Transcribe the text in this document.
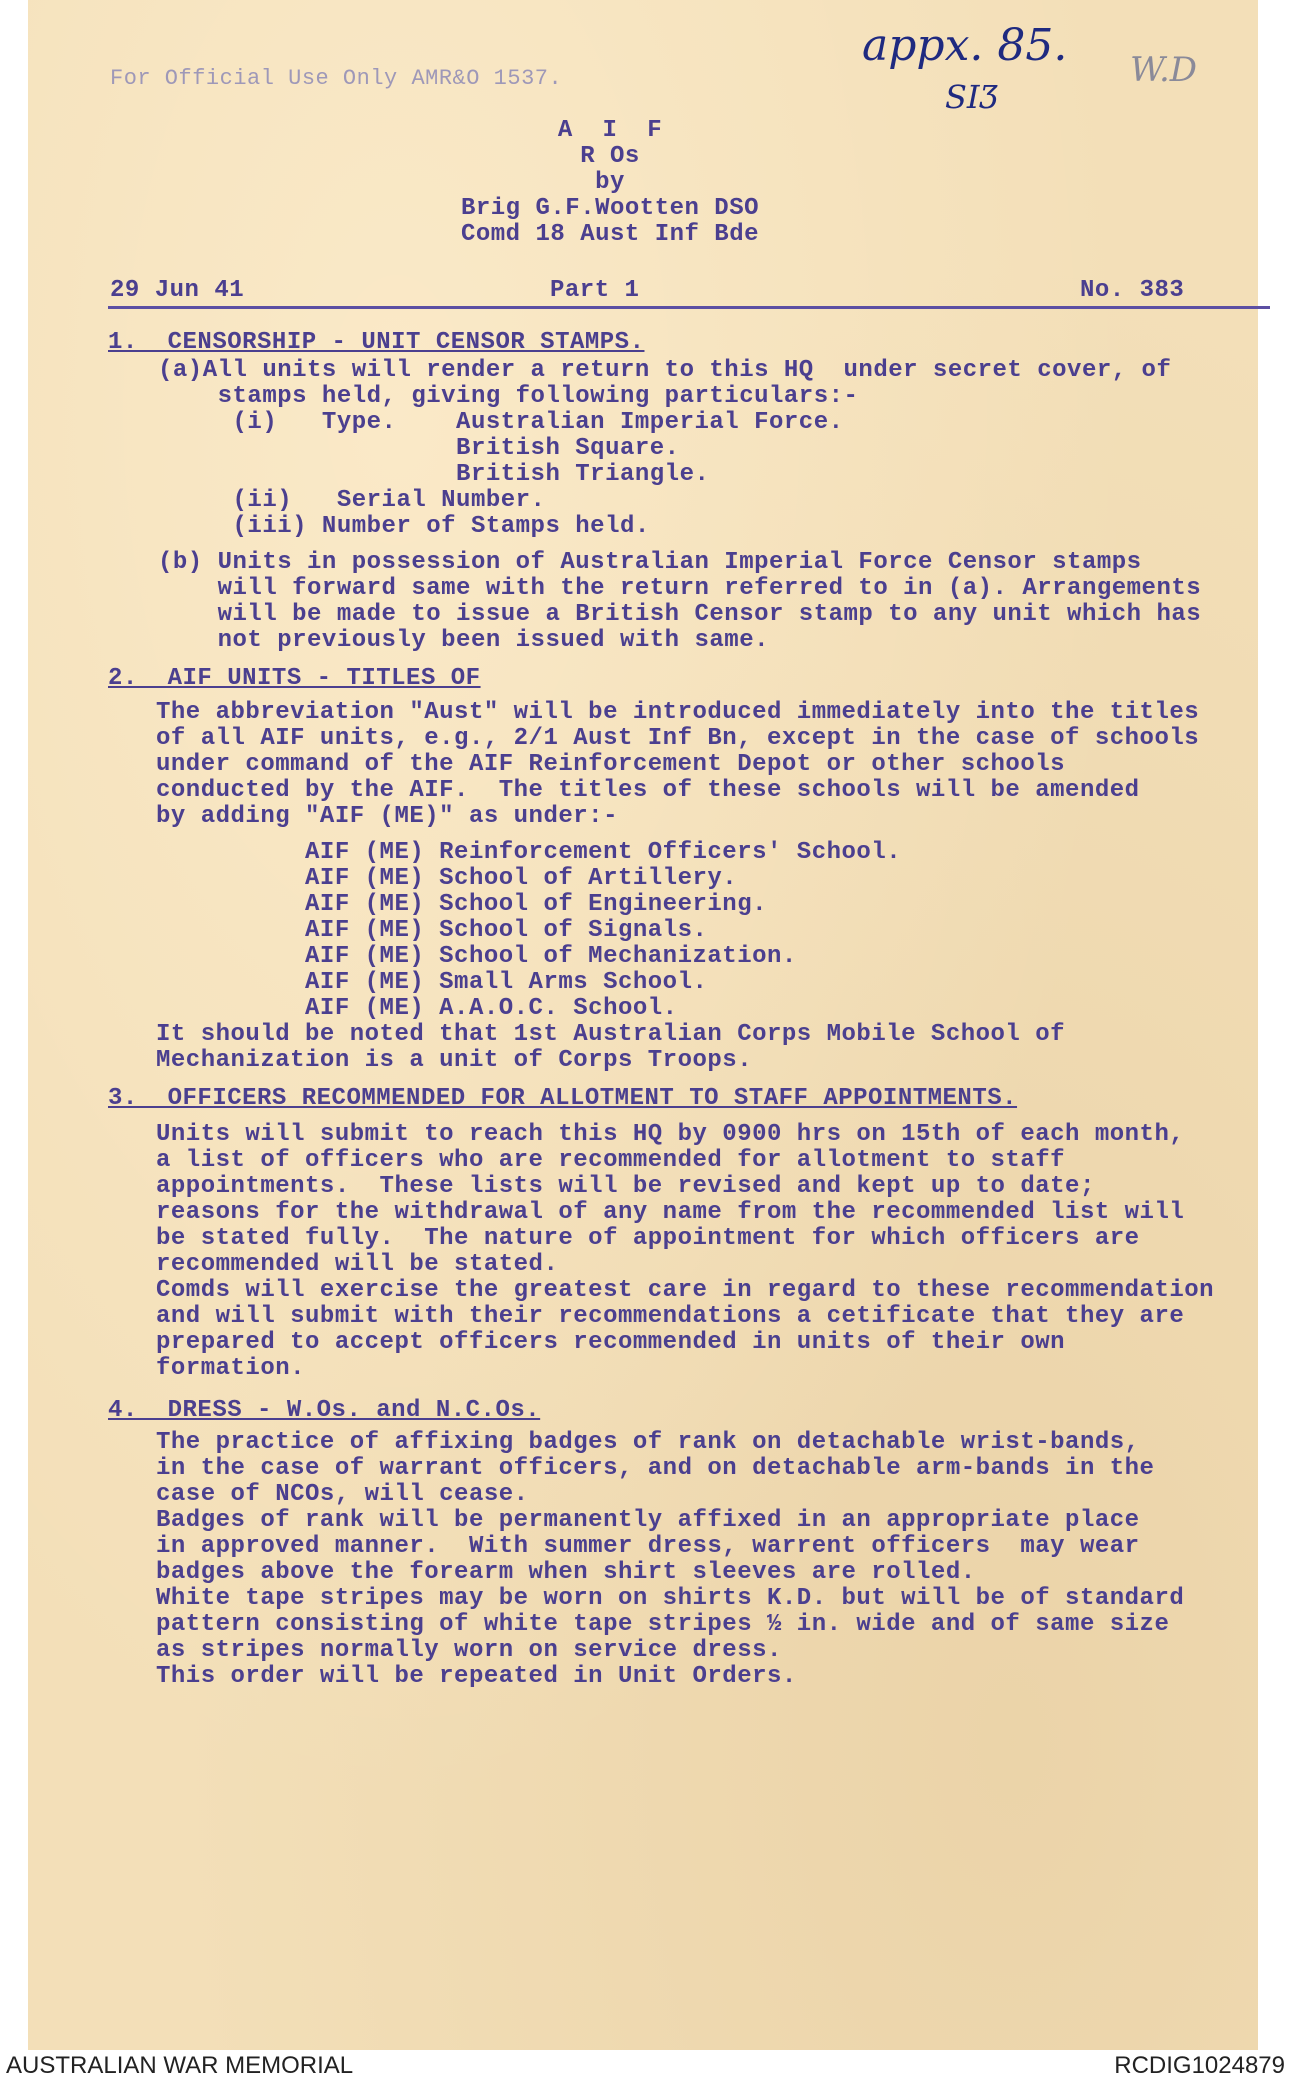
For Official Use Only AMR&O 1537.
appx. 85.
ЅӀӠ
W.D
A  I  F
R Os
by
Brig G.F.Wootten DSO
Comd 18 Aust Inf Bde
29 Jun 41	Part 1	No. 383
1.  CENSORSHIP - UNIT CENSOR STAMPS.
(a)All units will render a return to this HQ  under secret cover, of
stamps held, giving following particulars:-
(i)   Type.    Australian Imperial Force.
British Square.
British Triangle.
(ii)   Serial Number.
(iii) Number of Stamps held.
(b) Units in possession of Australian Imperial Force Censor stamps
will forward same with the return referred to in (a). Arrangements
will be made to issue a British Censor stamp to any unit which has
not previously been issued with same.
2.  AIF UNITS - TITLES OF
The abbreviation "Aust" will be introduced immediately into the titles
of all AIF units, e.g., 2/1 Aust Inf Bn, except in the case of schools
under command of the AIF Reinforcement Depot or other schools
conducted by the AIF.  The titles of these schools will be amended
by adding "AIF (ME)" as under:-
AIF (ME) Reinforcement Officers' School.
AIF (ME) School of Artillery.
AIF (ME) School of Engineering.
AIF (ME) School of Signals.
AIF (ME) School of Mechanization.
AIF (ME) Small Arms School.
AIF (ME) A.A.O.C. School.
It should be noted that 1st Australian Corps Mobile School of
Mechanization is a unit of Corps Troops.
3.  OFFICERS RECOMMENDED FOR ALLOTMENT TO STAFF APPOINTMENTS.
Units will submit to reach this HQ by 0900 hrs on 15th of each month,
a list of officers who are recommended for allotment to staff
appointments.  These lists will be revised and kept up to date;
reasons for the withdrawal of any name from the recommended list will
be stated fully.  The nature of appointment for which officers are
recommended will be stated.
Comds will exercise the greatest care in regard to these recommendation
and will submit with their recommendations a cetificate that they are
prepared to accept officers recommended in units of their own
formation.
4.  DRESS - W.Os. and N.C.Os.
The practice of affixing badges of rank on detachable wrist-bands,
in the case of warrant officers, and on detachable arm-bands in the
case of NCOs, will cease.
Badges of rank will be permanently affixed in an appropriate place
in approved manner.  With summer dress, warrent officers  may wear
badges above the forearm when shirt sleeves are rolled.
White tape stripes may be worn on shirts K.D. but will be of standard
pattern consisting of white tape stripes ½ in. wide and of same size
as stripes normally worn on service dress.
This order will be repeated in Unit Orders.
AUSTRALIAN WAR MEMORIAL	RCDIG1024879
